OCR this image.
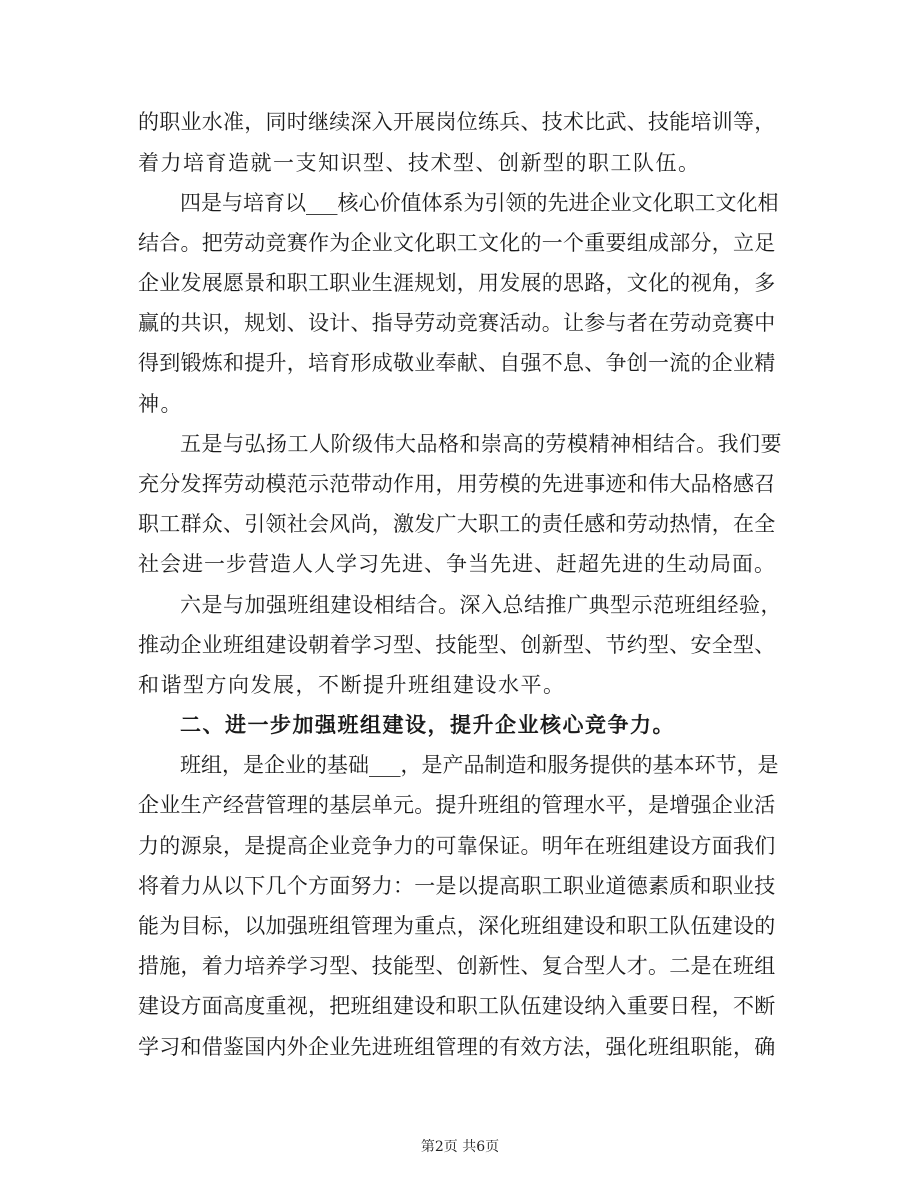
的职业水准，同时继续深入开展岗位练兵、技术比武、技能培训等，
着力培育造就一支知识型、技术型、创新型的职工队伍。
四是与培育以___核心价值体系为引领的先进企业文化职工文化相
结合。把劳动竞赛作为企业文化职工文化的一个重要组成部分，立足
企业发展愿景和职工职业生涯规划，用发展的思路，文化的视角，多
赢的共识，规划、设计、指导劳动竞赛活动。让参与者在劳动竞赛中
得到锻炼和提升，培育形成敬业奉献、自强不息、争创一流的企业精
神。
五是与弘扬工人阶级伟大品格和崇高的劳模精神相结合。我们要
充分发挥劳动模范示范带动作用，用劳模的先进事迹和伟大品格感召
职工群众、引领社会风尚，激发广大职工的责任感和劳动热情，在全
社会进一步营造人人学习先进、争当先进、赶超先进的生动局面。
六是与加强班组建设相结合。深入总结推广典型示范班组经验，
推动企业班组建设朝着学习型、技能型、创新型、节约型、安全型、
和谐型方向发展，不断提升班组建设水平。
二、进一步加强班组建设，提升企业核心竞争力。
班组，是企业的基础___，是产品制造和服务提供的基本环节，是
企业生产经营管理的基层单元。提升班组的管理水平，是增强企业活
力的源泉，是提高企业竞争力的可靠保证。明年在班组建设方面我们
将着力从以下几个方面努力：一是以提高职工职业道德素质和职业技
能为目标，以加强班组管理为重点，深化班组建设和职工队伍建设的
措施，着力培养学习型、技能型、创新性、复合型人才。二是在班组
建设方面高度重视，把班组建设和职工队伍建设纳入重要日程，不断
学习和借鉴国内外企业先进班组管理的有效方法，强化班组职能，确
第2页 共6页
